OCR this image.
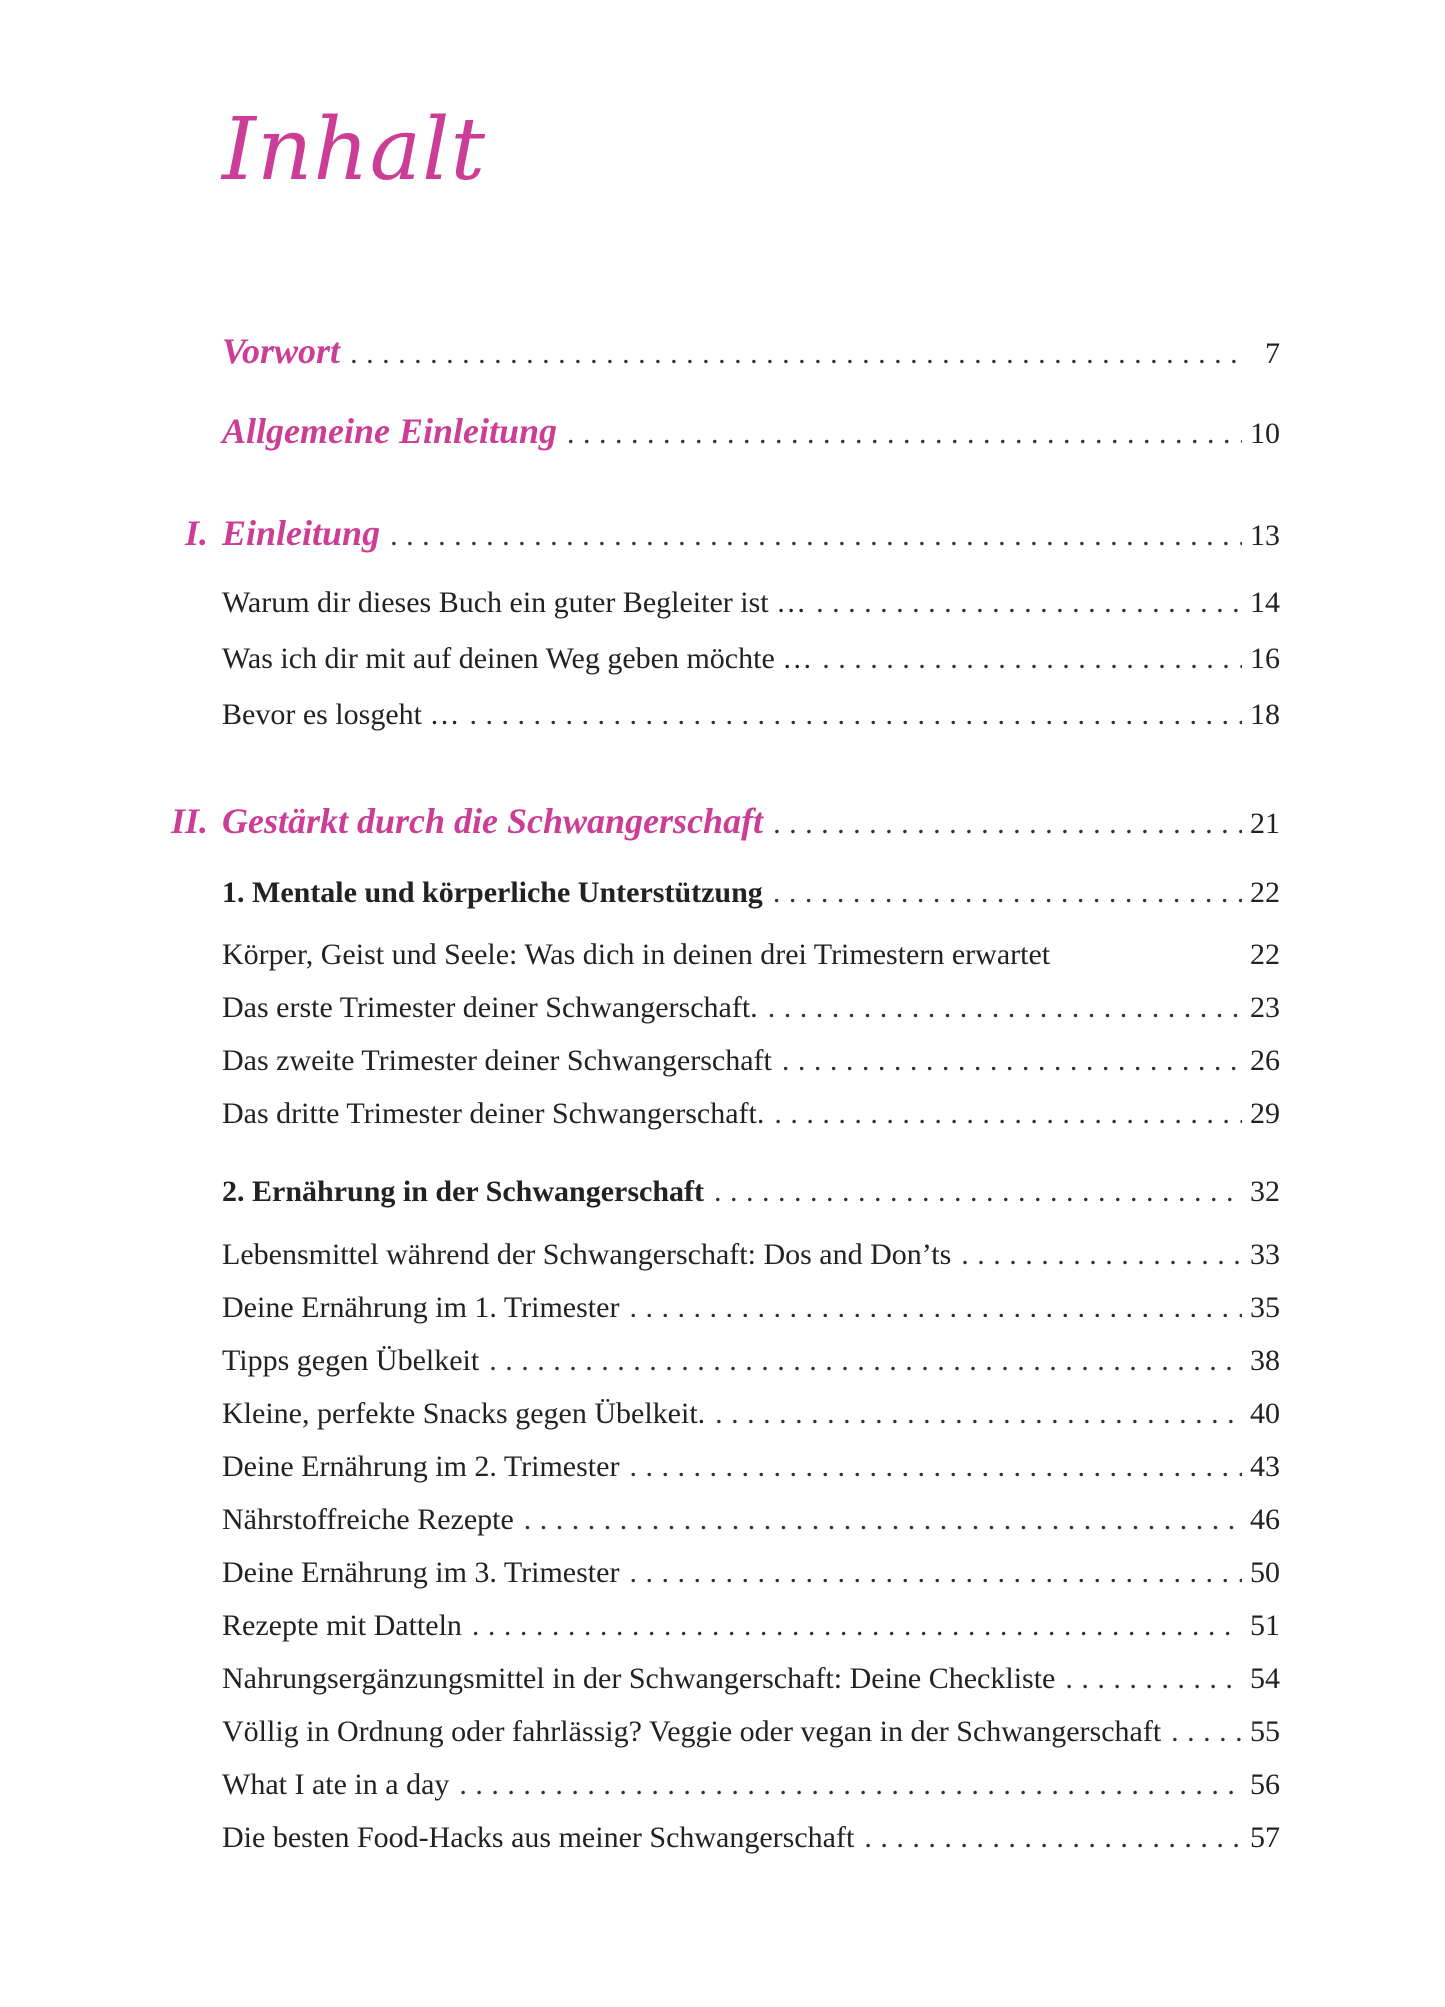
Inhalt
Vorwort . . .	7
Allgemeine Einleitung . . .	10
I. Einleitung . . .	13
Warum dir dieses Buch ein guter Begleiter ist … . . .	14
Was ich dir mit auf deinen Weg geben möchte … . . .	16
Bevor es losgeht … . . .	18
II. Gestärkt durch die Schwangerschaft . . .	21
1. Mentale und körperliche Unterstützung . . .	22
Körper, Geist und Seele: Was dich in deinen drei Trimestern erwartet	22
Das erste Trimester deiner Schwangerschaft. . . .	23
Das zweite Trimester deiner Schwangerschaft . . .	26
Das dritte Trimester deiner Schwangerschaft. . . .	29
2. Ernährung in der Schwangerschaft . . .	32
Lebensmittel während der Schwangerschaft: Dos and Don’ts . . .	33
Deine Ernährung im 1. Trimester . . .	35
Tipps gegen Übelkeit . . .	38
Kleine, perfekte Snacks gegen Übelkeit. . . .	40
Deine Ernährung im 2. Trimester . . .	43
Nährstoffreiche Rezepte . . .	46
Deine Ernährung im 3. Trimester . . .	50
Rezepte mit Datteln . . .	51
Nahrungsergänzungsmittel in der Schwangerschaft: Deine Checkliste . . .	54
Völlig in Ordnung oder fahrlässig? Veggie oder vegan in der Schwangerschaft . . .	55
What I ate in a day . . .	56
Die besten Food-Hacks aus meiner Schwangerschaft . . .	57
